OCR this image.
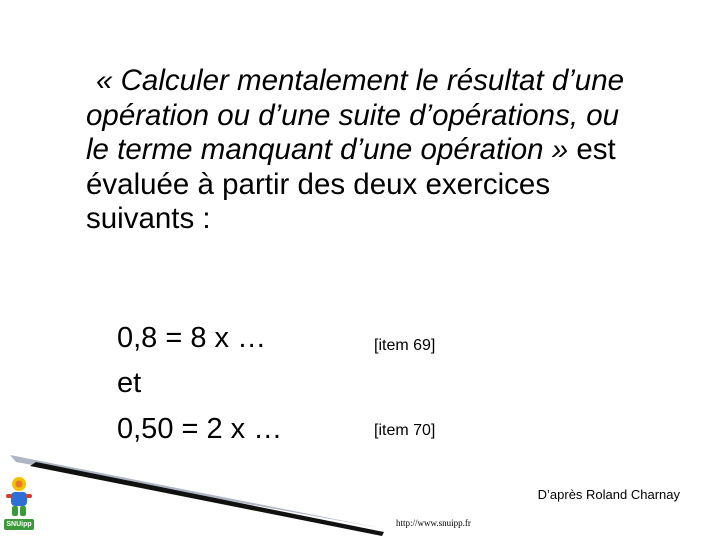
« Calculer mentalement le résultat d’une opération ou d’une suite d’opérations, ou le terme manquant d’une opération » est évaluée à partir des deux exercices suivants :
0,8 = 8 x …	[item 69]
et
0,50 = 2 x …	[item 70]
SNUipp
D’après Roland Charnay
http://www.snuipp.fr
